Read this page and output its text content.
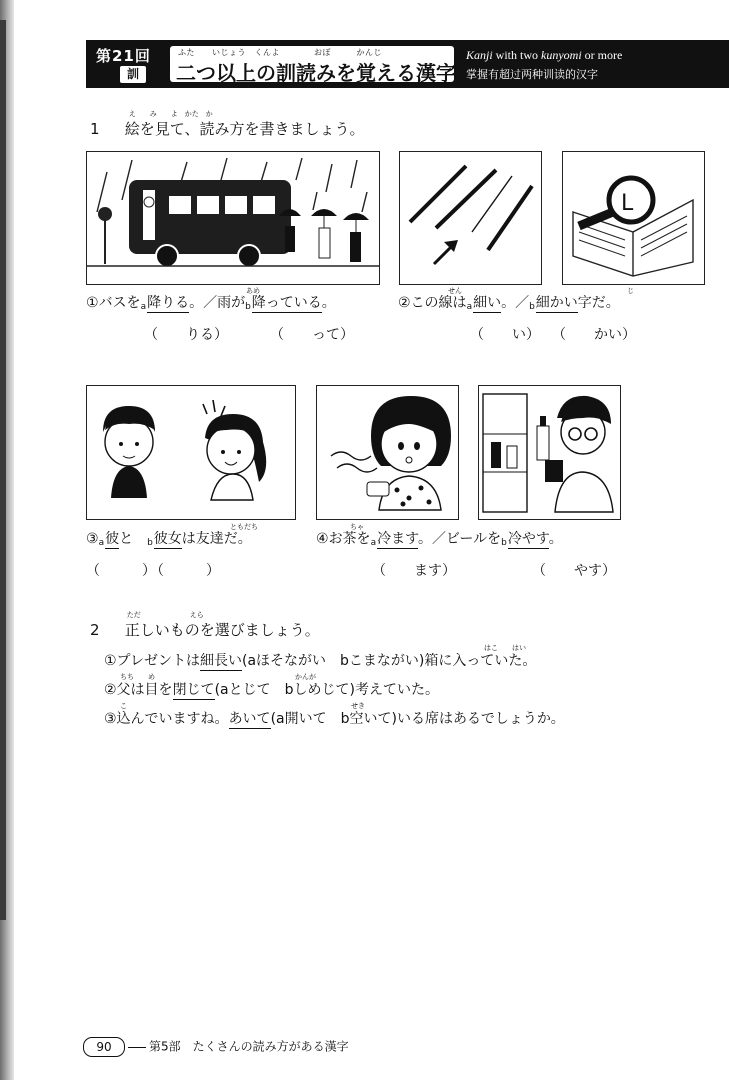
第21回
訓
ふた　　いじょう　くんよ　　　　おぼ　　　かんじ
二つ以上の訓読みを覚える漢字
Kanji with two kunyomi or more
掌握有超过两种训读的汉字
1
え　　み　　よ　かた　か
絵を見て、読み方を書きましょう。
L
①バスを$_a$降りる。／雨が$_b$降っている。
あめ
②この線は$_a$細い。$/_b$細かい字だ。
せん	じ
（　　りる）	（　　って）	（　　い） （　　かい）
$③_a$彼と　 $_b$彼女は友達だ。
ともだち
④お茶を$_a$冷ます。／ビールを$_b$冷やす。
ちゃ
（　　　）
（　　　）	（　　ます）	（　　やす）
2
ただ　　　　　　　えら
正しいものを選びましょう。
①プレゼントは細長い(aほそながい　bこまながい)箱に入っていた。
はこ　　はい
②父は目を閉じて(aとじて　bしめじて)考えていた。
ちち　　め　　　　　　　　　　　　　　　　　　　　かんが
③込んでいますね。あいて(a開いて　b空いて)いる席はあるでしょうか。
こ　　　　　　　　　　　　　　　　　　　　　　　　　　　　　　　　せき
90	第5部　たくさんの読み方がある漢字
